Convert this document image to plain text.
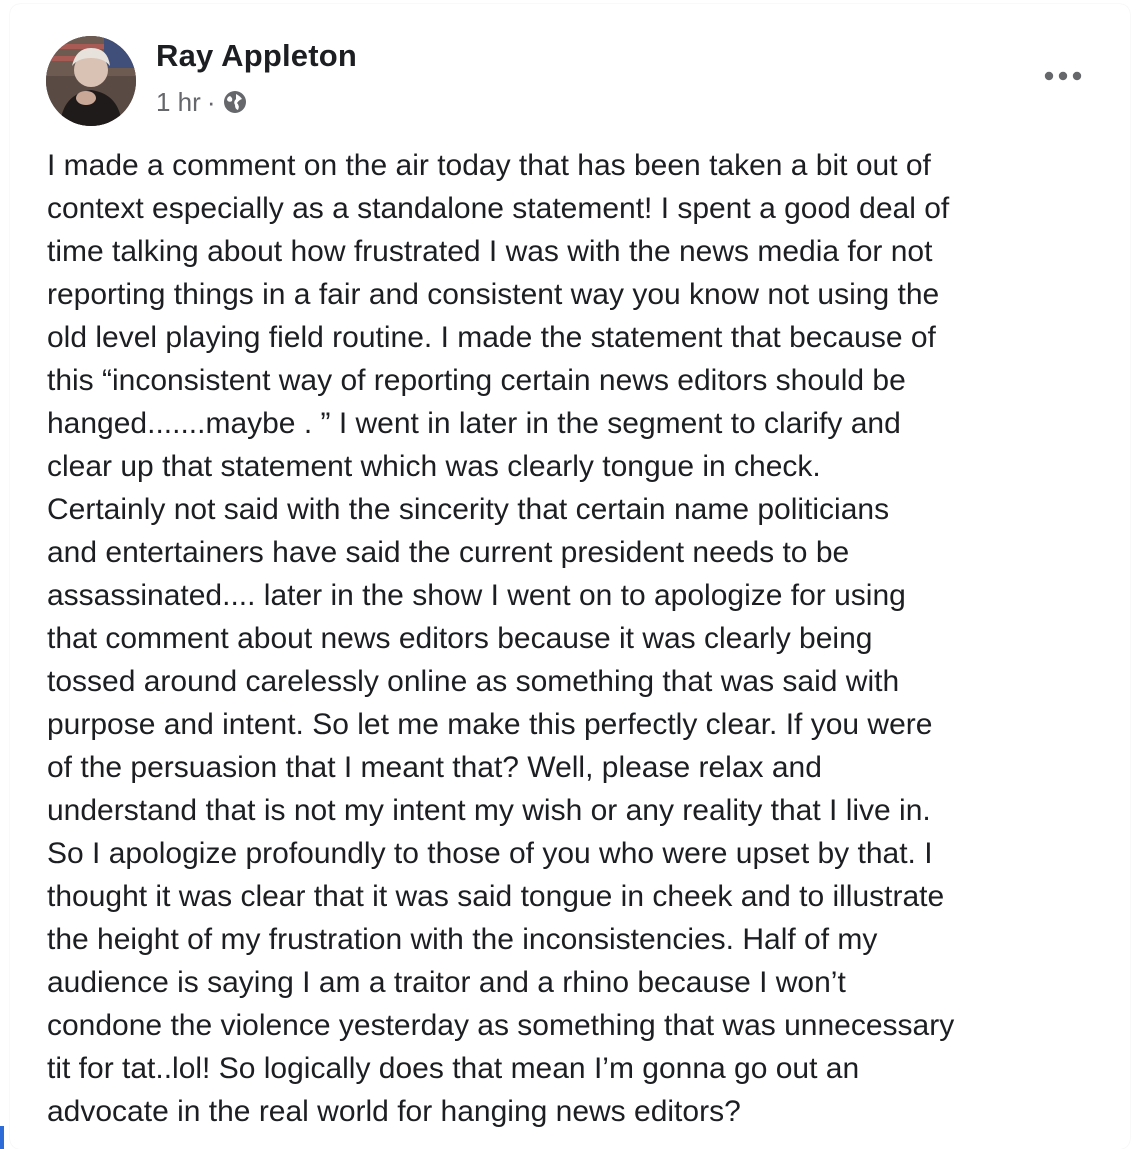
Ray Appleton
1 hr ·
I made a comment on the air today that has been taken a bit out of
context especially as a standalone statement! I spent a good deal of
time talking about how frustrated I was with the news media for not
reporting things in a fair and consistent way you know not using the
old level playing field routine. I made the statement that because of
this “inconsistent way of reporting certain news editors should be
hanged.......maybe . ” I went in later in the segment to clarify and
clear up that statement which was clearly tongue in check.
Certainly not said with the sincerity that certain name politicians
and entertainers have said the current president needs to be
assassinated.... later in the show I went on to apologize for using
that comment about news editors because it was clearly being
tossed around carelessly online as something that was said with
purpose and intent. So let me make this perfectly clear. If you were
of the persuasion that I meant that? Well, please relax and
understand that is not my intent my wish or any reality that I live in.
So I apologize profoundly to those of you who were upset by that. I
thought it was clear that it was said tongue in cheek and to illustrate
the height of my frustration with the inconsistencies. Half of my
audience is saying I am a traitor and a rhino because I won’t
condone the violence yesterday as something that was unnecessary
tit for tat..lol! So logically does that mean I’m gonna go out an
advocate in the real world for hanging news editors?
